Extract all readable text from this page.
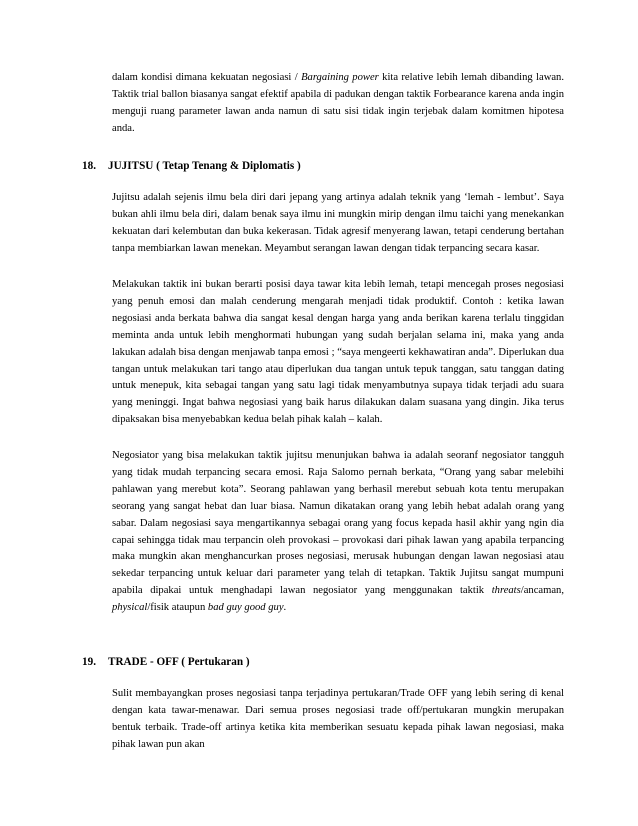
dalam kondisi dimana kekuatan negosiasi / Bargaining power kita relative lebih lemah dibanding lawan. Taktik trial ballon biasanya sangat efektif apabila di padukan dengan taktik Forbearance karena anda ingin menguji ruang parameter lawan anda namun di satu sisi tidak ingin terjebak dalam komitmen hipotesa anda.

18. JUJITSU ( Tetap Tenang & Diplomatis )

Jujitsu adalah sejenis ilmu bela diri dari jepang yang artinya adalah teknik yang ‘lemah - lembut’. Saya bukan ahli ilmu bela diri, dalam benak saya ilmu ini mungkin mirip dengan ilmu taichi yang menekankan kekuatan dari kelembutan dan buka kekerasan. Tidak agresif menyerang lawan, tetapi cenderung bertahan tanpa membiarkan lawan menekan. Meyambut serangan lawan dengan tidak terpancing secara kasar.

Melakukan taktik ini bukan berarti posisi daya tawar kita lebih lemah, tetapi mencegah proses negosiasi yang penuh emosi dan malah cenderung mengarah menjadi tidak produktif. Contoh : ketika lawan negosiasi anda berkata bahwa dia sangat kesal dengan harga yang anda berikan karena terlalu tinggidan meminta anda untuk lebih menghormati hubungan yang sudah berjalan selama ini, maka yang anda lakukan adalah bisa dengan menjawab tanpa emosi ; “saya mengeerti kekhawatiran anda”. Diperlukan dua tangan untuk melakukan tari tango atau diperlukan dua tangan untuk tepuk tanggan, satu tanggan dating untuk menepuk, kita sebagai tangan yang satu lagi tidak menyambutnya supaya tidak terjadi adu suara yang meninggi. Ingat bahwa negosiasi yang baik harus dilakukan dalam suasana yang dingin. Jika terus dipaksakan bisa menyebabkan kedua belah pihak kalah – kalah.

Negosiator yang bisa melakukan taktik jujitsu menunjukan bahwa ia adalah seoranf negosiator tangguh yang tidak mudah terpancing secara emosi. Raja Salomo pernah berkata, “Orang yang sabar melebihi pahlawan yang merebut kota”. Seorang pahlawan yang berhasil merebut sebuah kota tentu merupakan seorang yang sangat hebat dan luar biasa. Namun dikatakan orang yang lebih hebat adalah orang yang sabar. Dalam negosiasi saya mengartikannya sebagai orang yang focus kepada hasil akhir yang ngin dia capai sehingga tidak mau terpancin oleh provokasi – provokasi dari pihak lawan yang apabila terpancing maka mungkin akan menghancurkan proses negosiasi, merusak hubungan dengan lawan negosiasi atau sekedar terpancing untuk keluar dari parameter yang telah di tetapkan. Taktik Jujitsu sangat mumpuni apabila dipakai untuk menghadapi lawan negosiator yang menggunakan taktik threats/ancaman, physical/fisik ataupun bad guy good guy.

19. TRADE - OFF ( Pertukaran )

Sulit membayangkan proses negosiasi tanpa terjadinya pertukaran/Trade OFF yang lebih sering di kenal dengan kata tawar-menawar. Dari semua proses negosiasi trade off/pertukaran mungkin merupakan bentuk terbaik. Trade-off artinya ketika kita memberikan sesuatu kepada pihak lawan negosiasi, maka pihak lawan pun akan
